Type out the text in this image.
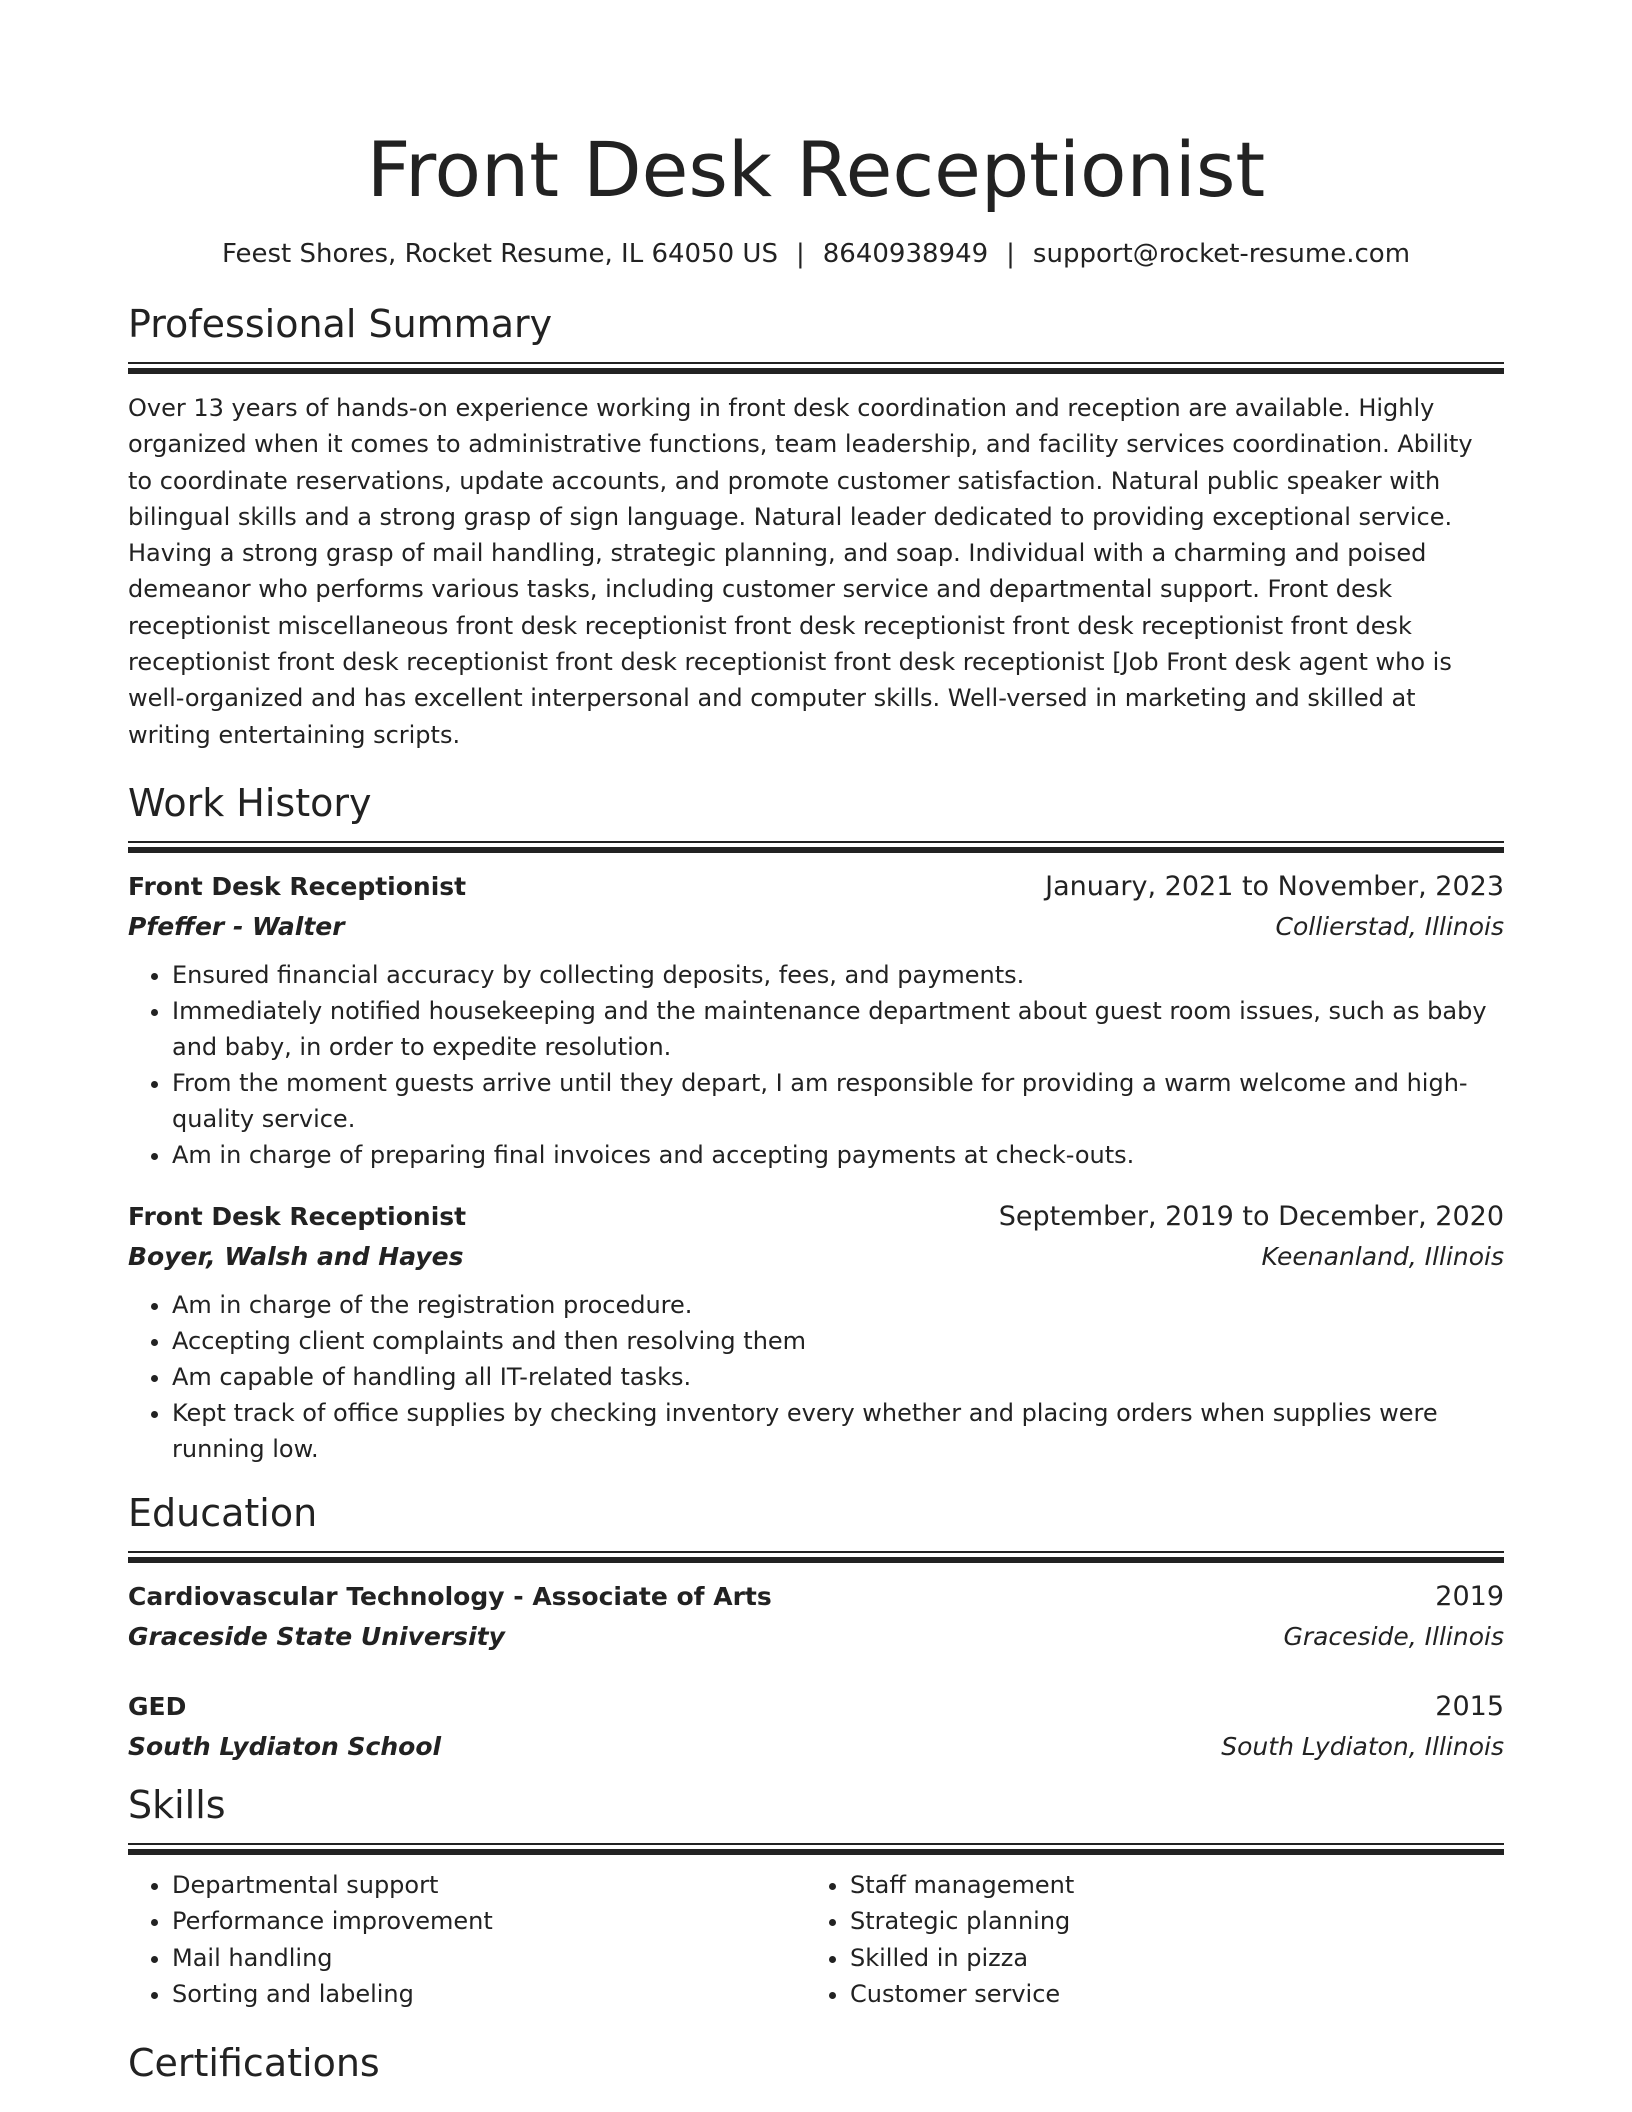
Front Desk Receptionist
Feest Shores, Rocket Resume, IL 64050 US | 8640938949 | support@rocket-resume.com
Professional Summary
Over 13 years of hands-on experience working in front desk coordination and reception are available. Highly organized when it comes to administrative functions, team leadership, and facility services coordination. Ability to coordinate reservations, update accounts, and promote customer satisfaction. Natural public speaker with bilingual skills and a strong grasp of sign language. Natural leader dedicated to providing exceptional service. Having a strong grasp of mail handling, strategic planning, and soap. Individual with a charming and poised demeanor who performs various tasks, including customer service and departmental support. Front desk receptionist miscellaneous front desk receptionist front desk receptionist front desk receptionist front desk receptionist front desk receptionist front desk receptionist front desk receptionist [Job Front desk agent who is well-organized and has excellent interpersonal and computer skills. Well-versed in marketing and skilled at writing entertaining scripts.
Work History
Front Desk Receptionist	January, 2021 to November, 2023
Pfeffer - Walter	Collierstad, Illinois
• Ensured financial accuracy by collecting deposits, fees, and payments.
• Immediately notified housekeeping and the maintenance department about guest room issues, such as baby and baby, in order to expedite resolution.
• From the moment guests arrive until they depart, I am responsible for providing a warm welcome and high-quality service.
• Am in charge of preparing final invoices and accepting payments at check-outs.
Front Desk Receptionist	September, 2019 to December, 2020
Boyer, Walsh and Hayes	Keenanland, Illinois
• Am in charge of the registration procedure.
• Accepting client complaints and then resolving them
• Am capable of handling all IT-related tasks.
• Kept track of office supplies by checking inventory every whether and placing orders when supplies were running low.
Education
Cardiovascular Technology - Associate of Arts	2019
Graceside State University	Graceside, Illinois
GED	2015
South Lydiaton School	South Lydiaton, Illinois
Skills
• Departmental support
• Performance improvement
• Mail handling
• Sorting and labeling
• Staff management
• Strategic planning
• Skilled in pizza
• Customer service
Certifications
